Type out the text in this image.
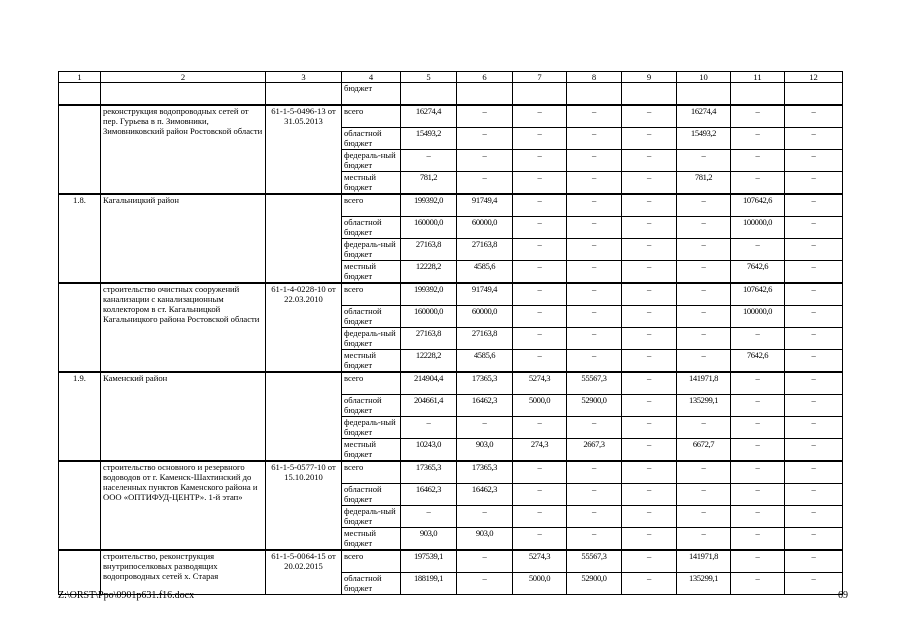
1	2	3	4	5	6	7	8	9	10	11	12
			бюджет								
	реконструкция водопроводных сетей от пер. Гурьева в п. Зимовники, Зимовниковский район Ростовской области	61-1-5-0496-13 от 31.05.2013	всего	16274,4	–	–	–	–	16274,4	–	–
			областной бюджет	15493,2	–	–	–	–	15493,2	–	–
			федераль-ный бюджет	–	–	–	–	–	–	–	–
			местный бюджет	781,2	–	–	–	–	781,2	–	–
1.8.	Кагальницкий район		всего	199392,0	91749,4	–	–	–	–	107642,6	–
			областной бюджет	160000,0	60000,0	–	–	–	–	100000,0	–
			федераль-ный бюджет	27163,8	27163,8	–	–	–	–	–	–
			местный бюджет	12228,2	4585,6	–	–	–	–	7642,6	–
	строительство очистных сооружений канализации с канализационным коллектором в ст. Кагальницкой Кагальницкого района Ростовской области	61-1-4-0228-10 от 22.03.2010	всего	199392,0	91749,4	–	–	–	–	107642,6	–
			областной бюджет	160000,0	60000,0	–	–	–	–	100000,0	–
			федераль-ный бюджет	27163,8	27163,8	–	–	–	–	–	–
			местный бюджет	12228,2	4585,6	–	–	–	–	7642,6	–
1.9.	Каменский район		всего	214904,4	17365,3	5274,3	55567,3	–	141971,8	–	–
			областной бюджет	204661,4	16462,3	5000,0	52900,0	–	135299,1	–	–
			федераль-ный бюджет	–	–	–	–	–	–	–	–
			местный бюджет	10243,0	903,0	274,3	2667,3	–	6672,7	–	–
	строительство основного и резервного водоводов от г. Каменск-Шахтинский до населенных пунктов Каменского района и ООО «ОПТИФУД-ЦЕНТР». 1-й этап»	61-1-5-0577-10 от 15.10.2010	всего	17365,3	17365,3	–	–	–	–	–	–
			областной бюджет	16462,3	16462,3	–	–	–	–	–	–
			федераль-ный бюджет	–	–	–	–	–	–	–	–
			местный бюджет	903,0	903,0	–	–	–	–	–	–
	строительство, реконструкция внутрипоселковых разводящих водопроводных сетей х. Старая	61-1-5-0064-15 от 20.02.2015	всего	197539,1	–	5274,3	55567,3	–	141971,8	–	–
			областной бюджет	188199,1	–	5000,0	52900,0	–	135299,1	–	–
Z:\ORST\Ppo\0901p631.f16.docx	69
